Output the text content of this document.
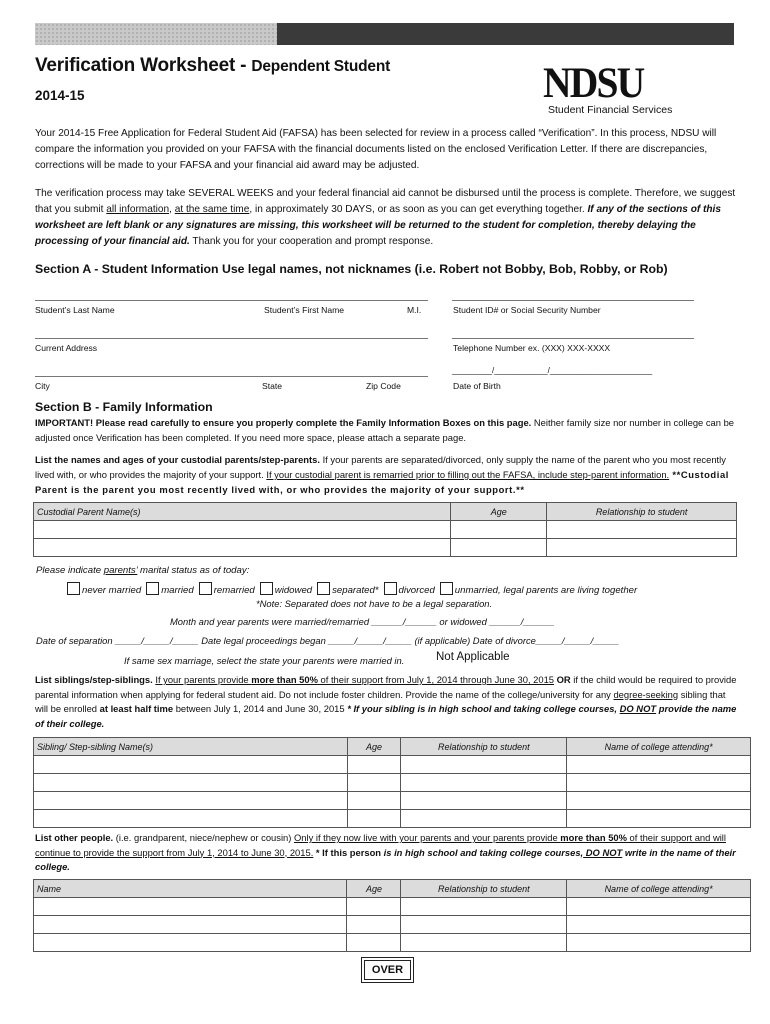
Verification Worksheet - Dependent Student
2014-15	NDSU
Student Financial Services
Your 2014-15 Free Application for Federal Student Aid (FAFSA) has been selected for review in a process called “Verification”. In this process, NDSU will compare the information you provided on your FAFSA with the financial documents listed on the enclosed Verification Letter. If there are discrepancies, corrections will be made to your FAFSA and your financial aid award may be adjusted.
The verification process may take SEVERAL WEEKS and your federal financial aid cannot be disbursed until the process is complete. Therefore, we suggest that you submit all information, at the same time, in approximately 30 DAYS, or as soon as you can get everything together. If any of the sections of this worksheet are left blank or any signatures are missing, this worksheet will be returned to the student for completion, thereby delaying the processing of your financial aid. Thank you for your cooperation and prompt response.
Section A - Student Information Use legal names, not nicknames (i.e. Robert not Bobby, Bob, Robby, or Rob)
Student’s Last Name	Student’s First Name	M.I.	Student ID# or Social Security Number
Current Address	Telephone Number ex. (XXX) XXX-XXXX
_________/____________/_______________________
City	State	Zip Code	Date of Birth
Section B - Family Information
IMPORTANT! Please read carefully to ensure you properly complete the Family Information Boxes on this page. Neither family size nor number in college can be adjusted once Verification has been completed. If you need more space, please attach a separate page.
List the names and ages of your custodial parents/step-parents. If your parents are separated/divorced, only supply the name of the parent who you most recently lived with, or who provides the majority of your support. If your custodial parent is remarried prior to filling out the FAFSA, include step-parent information. **Custodial Parent is the parent you most recently lived with, or who provides the majority of your support.**
Custodial Parent Name(s)	Age	Relationship to student

Please indicate parents’ marital status as of today:
never married married remarried widowed separated* divorced unmarried, legal parents are living together
*Note: Separated does not have to be a legal separation.
Month and year parents were married/remarried ______/______ or widowed ______/______
Date of separation _____/_____/_____ Date legal proceedings began _____/_____/_____ (if applicable) Date of divorce_____/_____/_____
If same sex marriage, select the state your parents were married in.	Not Applicable
List siblings/step-siblings. If your parents provide more than 50% of their support from July 1, 2014 through June 30, 2015 OR if the child would be required to provide parental information when applying for federal student aid. Do not include foster children. Provide the name of the college/university for any degree-seeking sibling that will be enrolled at least half time between July 1, 2014 and June 30, 2015 * If your sibling is in high school and taking college courses, DO NOT provide the name of their college.
Sibling/ Step-sibling Name(s)	Age	Relationship to student	Name of college attending*

List other people. (i.e. grandparent, niece/nephew or cousin) Only if they now live with your parents and your parents provide more than 50% of their support and will continue to provide the support from July 1, 2014 to June 30, 2015. * If this person is in high school and taking college courses, DO NOT write in the name of their college.
Name	Age	Relationship to student	Name of college attending*

OVER
